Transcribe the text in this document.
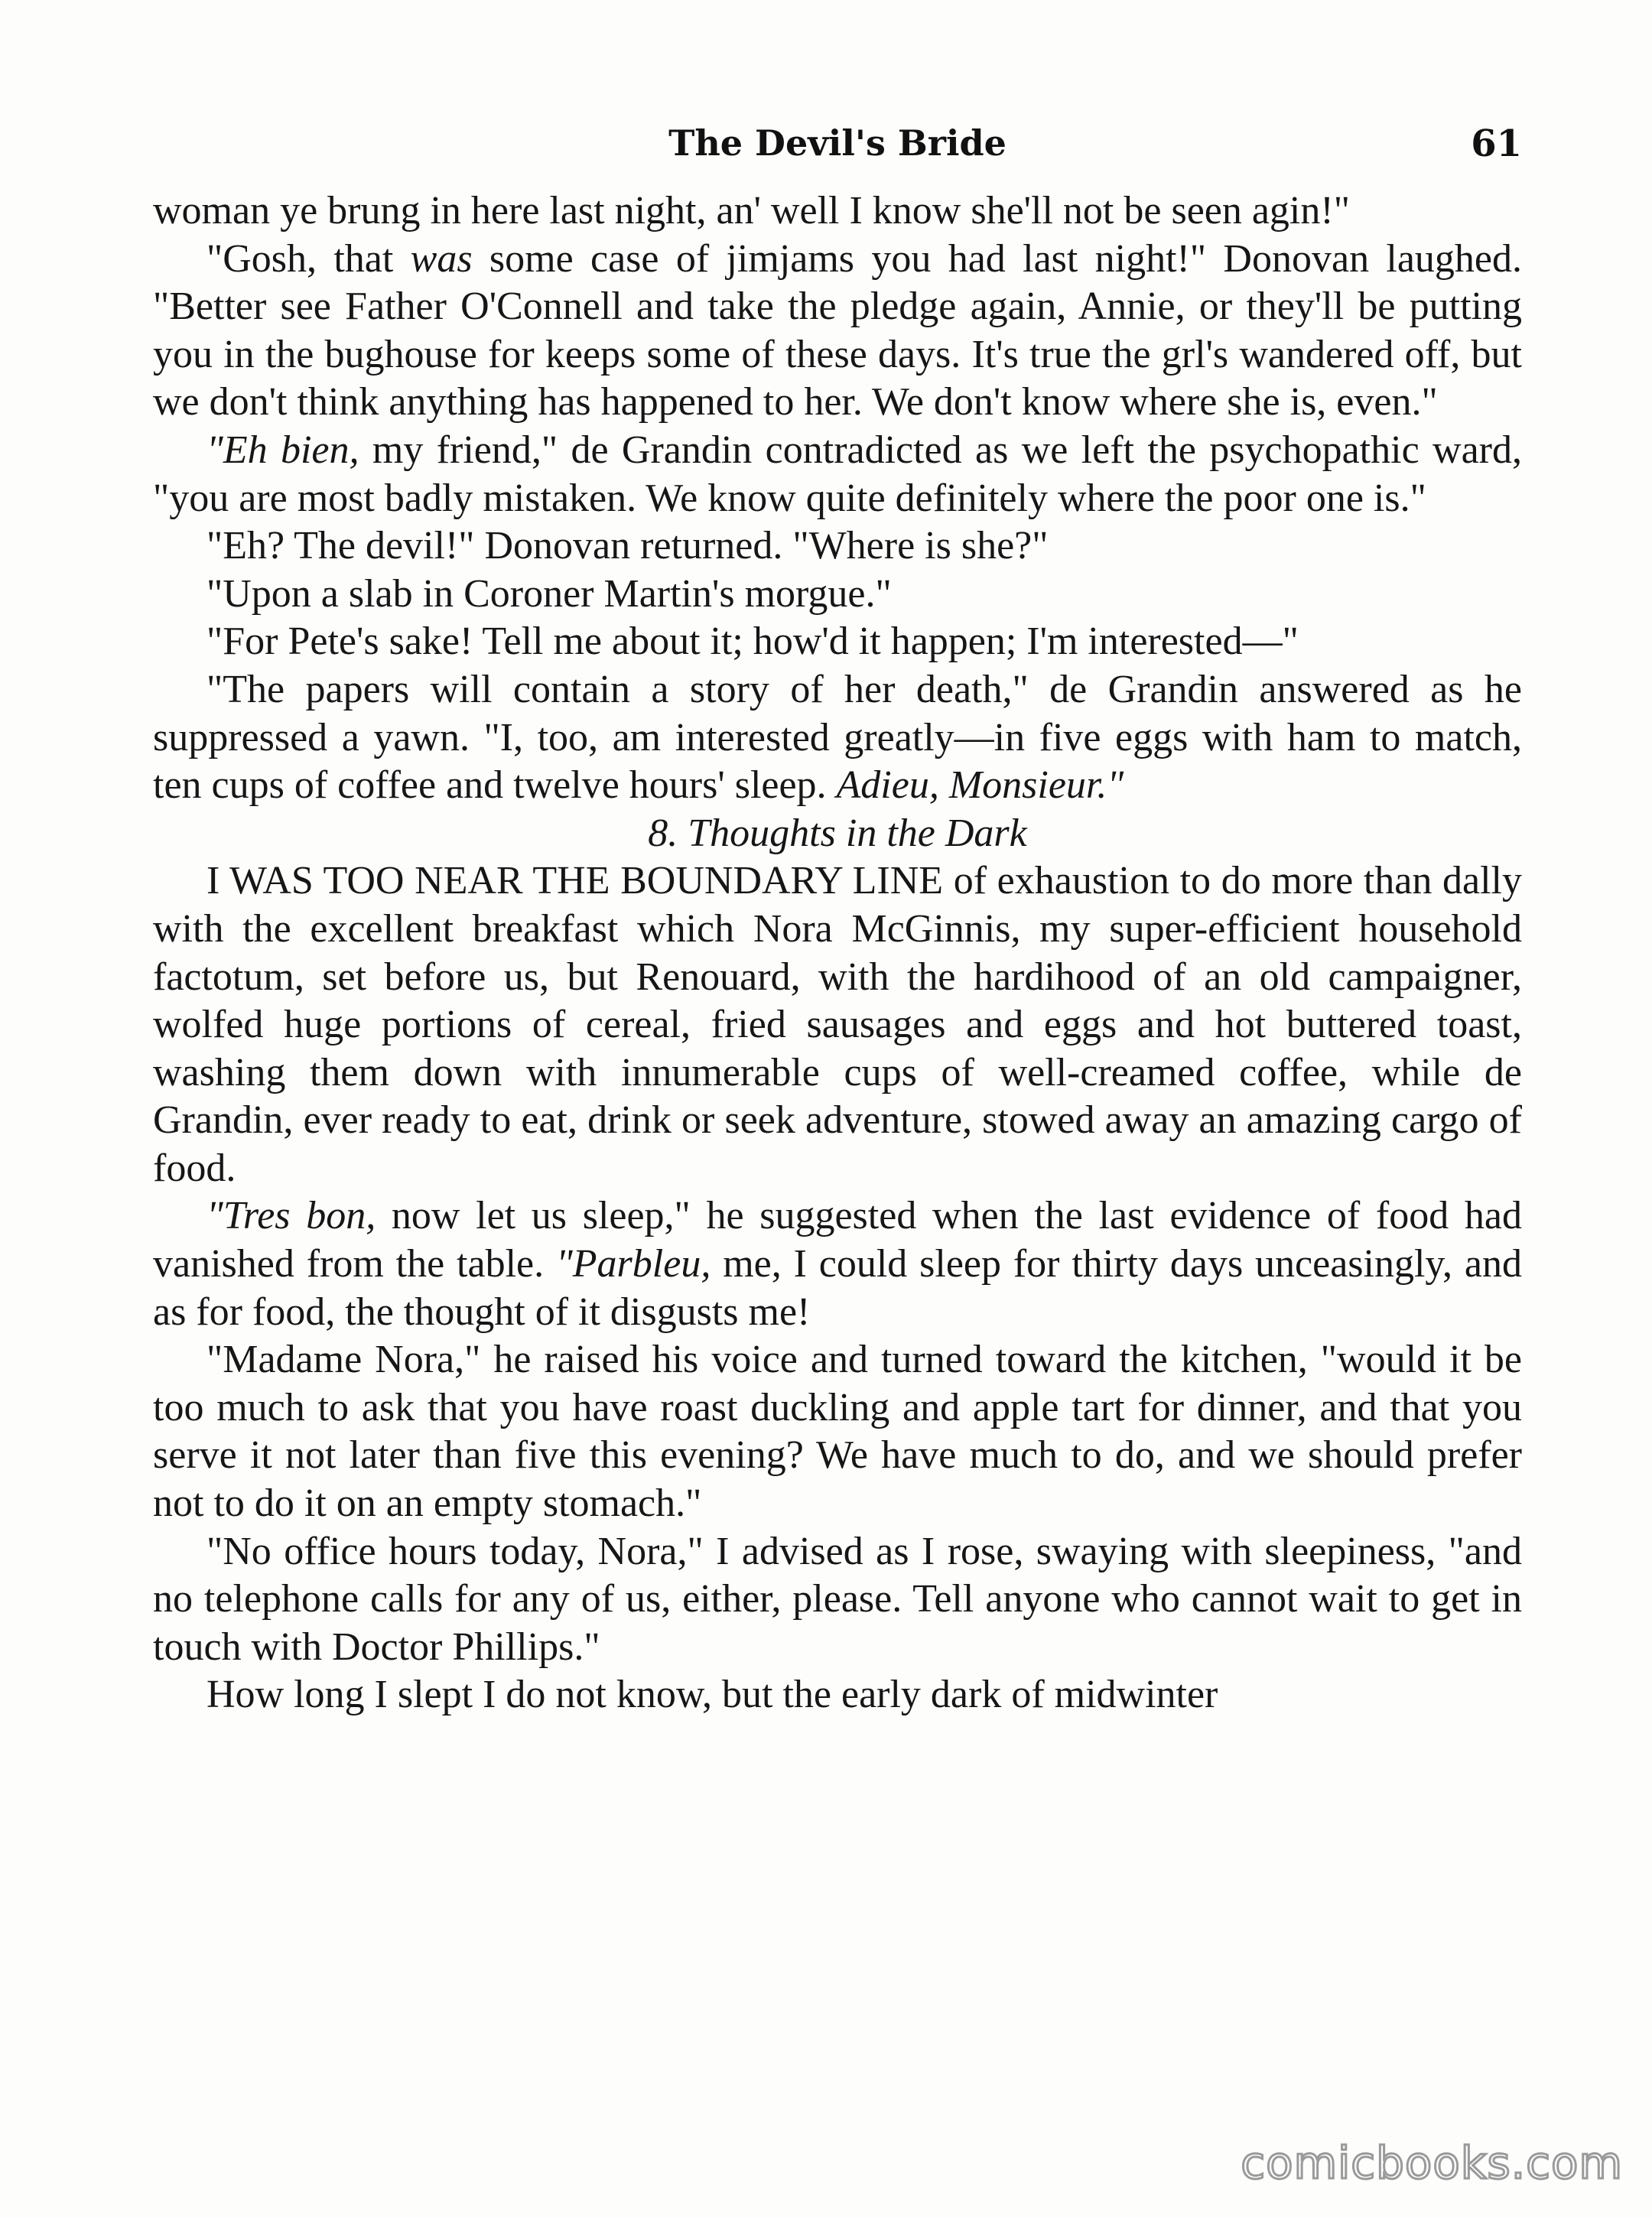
The Devil's Bride	61

woman ye brung in here last night, an' well I know she'll not be seen agin!"

"Gosh, that was some case of jimjams you had last night!" Donovan laughed. "Better see Father O'Connell and take the pledge again, Annie, or they'll be putting you in the bughouse for keeps some of these days. It's true the grl's wandered off, but we don't think anything has happened to her. We don't know where she is, even."

"Eh bien, my friend," de Grandin contradicted as we left the psychopathic ward, "you are most badly mistaken. We know quite definitely where the poor one is."

"Eh? The devil!" Donovan returned. "Where is she?"

"Upon a slab in Coroner Martin's morgue."

"For Pete's sake! Tell me about it; how'd it happen; I'm interested—"

"The papers will contain a story of her death," de Grandin answered as he suppressed a yawn. "I, too, am interested greatly—in five eggs with ham to match, ten cups of coffee and twelve hours' sleep. Adieu, Monsieur."

8. Thoughts in the Dark

I WAS TOO NEAR THE BOUNDARY LINE of exhaustion to do more than dally with the excellent breakfast which Nora McGinnis, my super-efficient household factotum, set before us, but Renouard, with the hardihood of an old campaigner, wolfed huge portions of cereal, fried sausages and eggs and hot buttered toast, washing them down with innumerable cups of well-creamed coffee, while de Grandin, ever ready to eat, drink or seek adventure, stowed away an amazing cargo of food.

"Tres bon, now let us sleep," he suggested when the last evidence of food had vanished from the table. "Parbleu, me, I could sleep for thirty days unceasingly, and as for food, the thought of it disgusts me!

"Madame Nora," he raised his voice and turned toward the kitchen, "would it be too much to ask that you have roast duckling and apple tart for dinner, and that you serve it not later than five this evening? We have much to do, and we should prefer not to do it on an empty stomach."

"No office hours today, Nora," I advised as I rose, swaying with sleepiness, "and no telephone calls for any of us, either, please. Tell anyone who cannot wait to get in touch with Doctor Phillips."

How long I slept I do not know, but the early dark of midwinter

comicbooks.com
